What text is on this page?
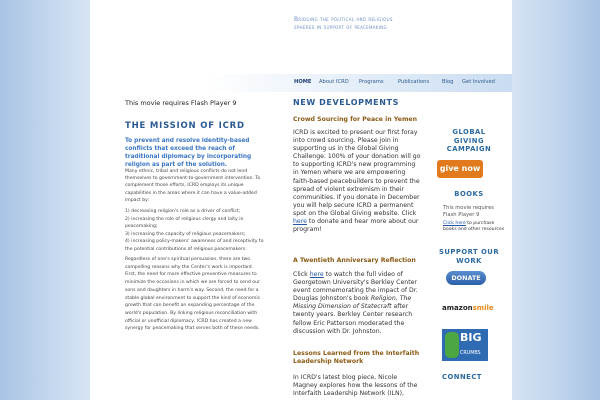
Bridging the political and religious spheres in support of peacemaking
HOME About ICRD Programs	Publications Blog Get Involved
This movie requires Flash Player 9
THE MISSION OF ICRD
To prevent and resolve identity-based conflicts that exceed the reach of traditional diplomacy by incorporating religion as part of the solution.
Many ethnic, tribal and religious conflicts do not lend themselves to government-to-government intervention. To complement those efforts, ICRD employs its unique capabilities in the areas where it can have a value-added impact by:
1) decreasing religion's role as a driver of conflict;
2) increasing the role of religious clergy and laity in peacemaking;
3) increasing the capacity of religious peacemakers;
4) increasing policy-makers' awareness of and receptivity to the potential contributions of religious peacemakers.
Regardless of one's spiritual persuasion, there are two compelling reasons why the Center's work is important. First, the need for more effective preventive measures to minimize the occasions in which we are forced to send our sons and daughters in harm's way. Second, the need for a stable global environment to support the kind of economic growth that can benefit an expanding percentage of the world's population. By linking religious reconciliation with official or unofficial diplomacy, ICRD has created a new synergy for peacemaking that serves both of these needs.
NEW DEVELOPMENTS
Crowd Sourcing for Peace in Yemen
ICRD is excited to present our first foray into crowd sourcing. Please join in supporting us in the Global Giving Challenge. 100% of your donation will go to supporting ICRD's new programming in Yemen where we are empowering faith-based peacebuilders to prevent the spread of violent extremism in their communities. If you donate in December you will help secure ICRD a permanent spot on the Global Giving website. Click here to donate and hear more about our program!
A Twentieth Anniversary Reflection
Click here to watch the full video of Georgetown University's Berkley Center event commemorating the impact of Dr. Douglas Johnston's book Religion, The Missing Dimension of Statecraft after twenty years. Berkley Center research fellow Eric Patterson moderated the discussion with Dr. Johnston.
Lessons Learned from the Interfaith Leadership Network
In ICRD's latest blog piece, Nicole Magney explores how the lessons of the Interfaith Leadership Network (ILN),
GLOBAL GIVING CAMPAIGN
give now
BOOKS
This movie requires Flash Player 9
Click here to purchase books and other resources
SUPPORT OUR WORK
DONATE
amazonsmile
BIG
CRUMBS
CONNECT
